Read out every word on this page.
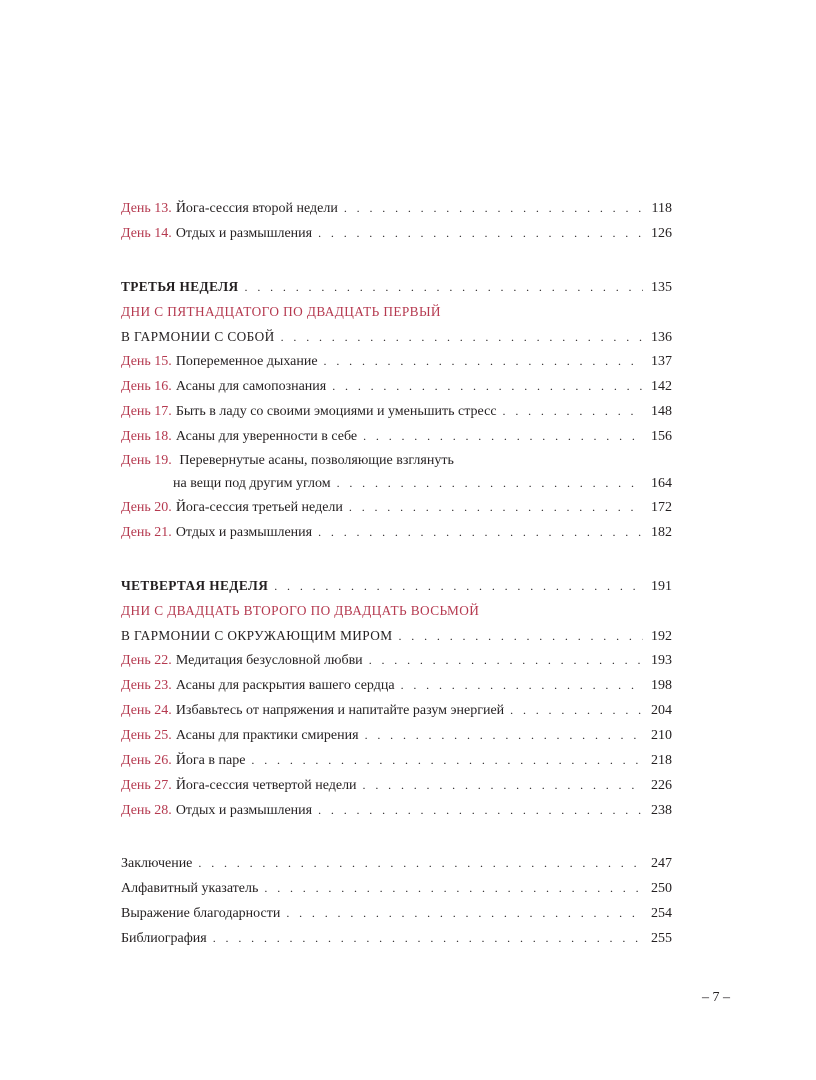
День 13. Йога-сессия второй недели . . .	118
День 14. Отдых и размышления . . .	126
ТРЕТЬЯ НЕДЕЛЯ . . .	135
ДНИ С ПЯТНАДЦАТОГО ПО ДВАДЦАТЬ ПЕРВЫЙ
В ГАРМОНИИ С СОБОЙ . . .	136
День 15. Попеременное дыхание . . .	137
День 16. Асаны для самопознания . . .	142
День 17. Быть в ладу со своими эмоциями и уменьшить стресс . . .	148
День 18. Асаны для уверенности в себе . . .	156
День 19. Перевернутые асаны, позволяющие взглянуть
на вещи под другим углом . . .	164
День 20. Йога-сессия третьей недели . . .	172
День 21. Отдых и размышления . . .	182
ЧЕТВЕРТАЯ НЕДЕЛЯ . . .	191
ДНИ С ДВАДЦАТЬ ВТОРОГО ПО ДВАДЦАТЬ ВОСЬМОЙ
В ГАРМОНИИ С ОКРУЖАЮЩИМ МИРОМ . . .	192
День 22. Медитация безусловной любви . . .	193
День 23. Асаны для раскрытия вашего сердца . . .	198
День 24. Избавьтесь от напряжения и напитайте разум энергией . . .	204
День 25. Асаны для практики смирения . . .	210
День 26. Йога в паре . . .	218
День 27. Йога-сессия четвертой недели . . .	226
День 28. Отдых и размышления . . .	238
Заключение . . .	247
Алфавитный указатель . . .	250
Выражение благодарности . . .	254
Библиография . . .	255
– 7 –
